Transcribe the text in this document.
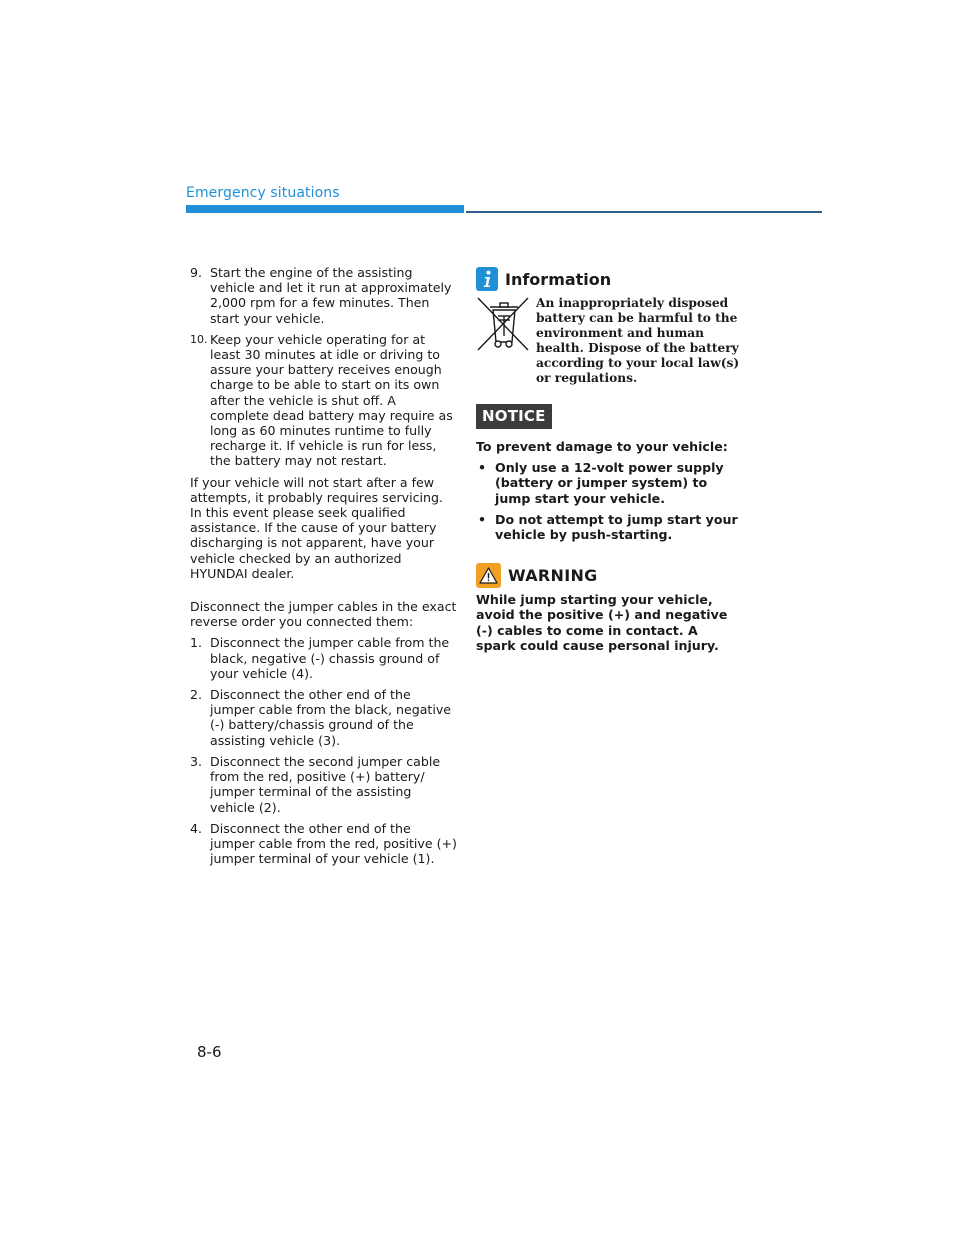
Emergency situations
9. Start the engine of the assisting vehicle and let it run at approximately 2,000 rpm for a few minutes. Then start your vehicle.
10. Keep your vehicle operating for at least 30 minutes at idle or driving to assure your battery receives enough charge to be able to start on its own after the vehicle is shut off. A complete dead battery may require as long as 60 minutes runtime to fully recharge it. If vehicle is run for less, the battery may not restart.

If your vehicle will not start after a few attempts, it probably requires servicing. In this event please seek qualified assistance. If the cause of your battery discharging is not apparent, have your vehicle checked by an authorized HYUNDAI dealer.

Disconnect the jumper cables in the exact reverse order you connected them:

1. Disconnect the jumper cable from the black, negative (-) chassis ground of your vehicle (4).
2. Disconnect the other end of the jumper cable from the black, negative (-) battery/chassis ground of the assisting vehicle (3).
3. Disconnect the second jumper cable from the red, positive (+) battery/ jumper terminal of the assisting vehicle (2).
4. Disconnect the other end of the jumper cable from the red, positive (+) jumper terminal of your vehicle (1).
Information
An inappropriately disposed battery can be harmful to the environment and human health. Dispose of the battery according to your local law(s) or regulations.
NOTICE
To prevent damage to your vehicle:
• Only use a 12-volt power supply (battery or jumper system) to jump start your vehicle.
• Do not attempt to jump start your vehicle by push-starting.
WARNING
While jump starting your vehicle, avoid the positive (+) and negative (-) cables to come in contact. A spark could cause personal injury.
8-6
